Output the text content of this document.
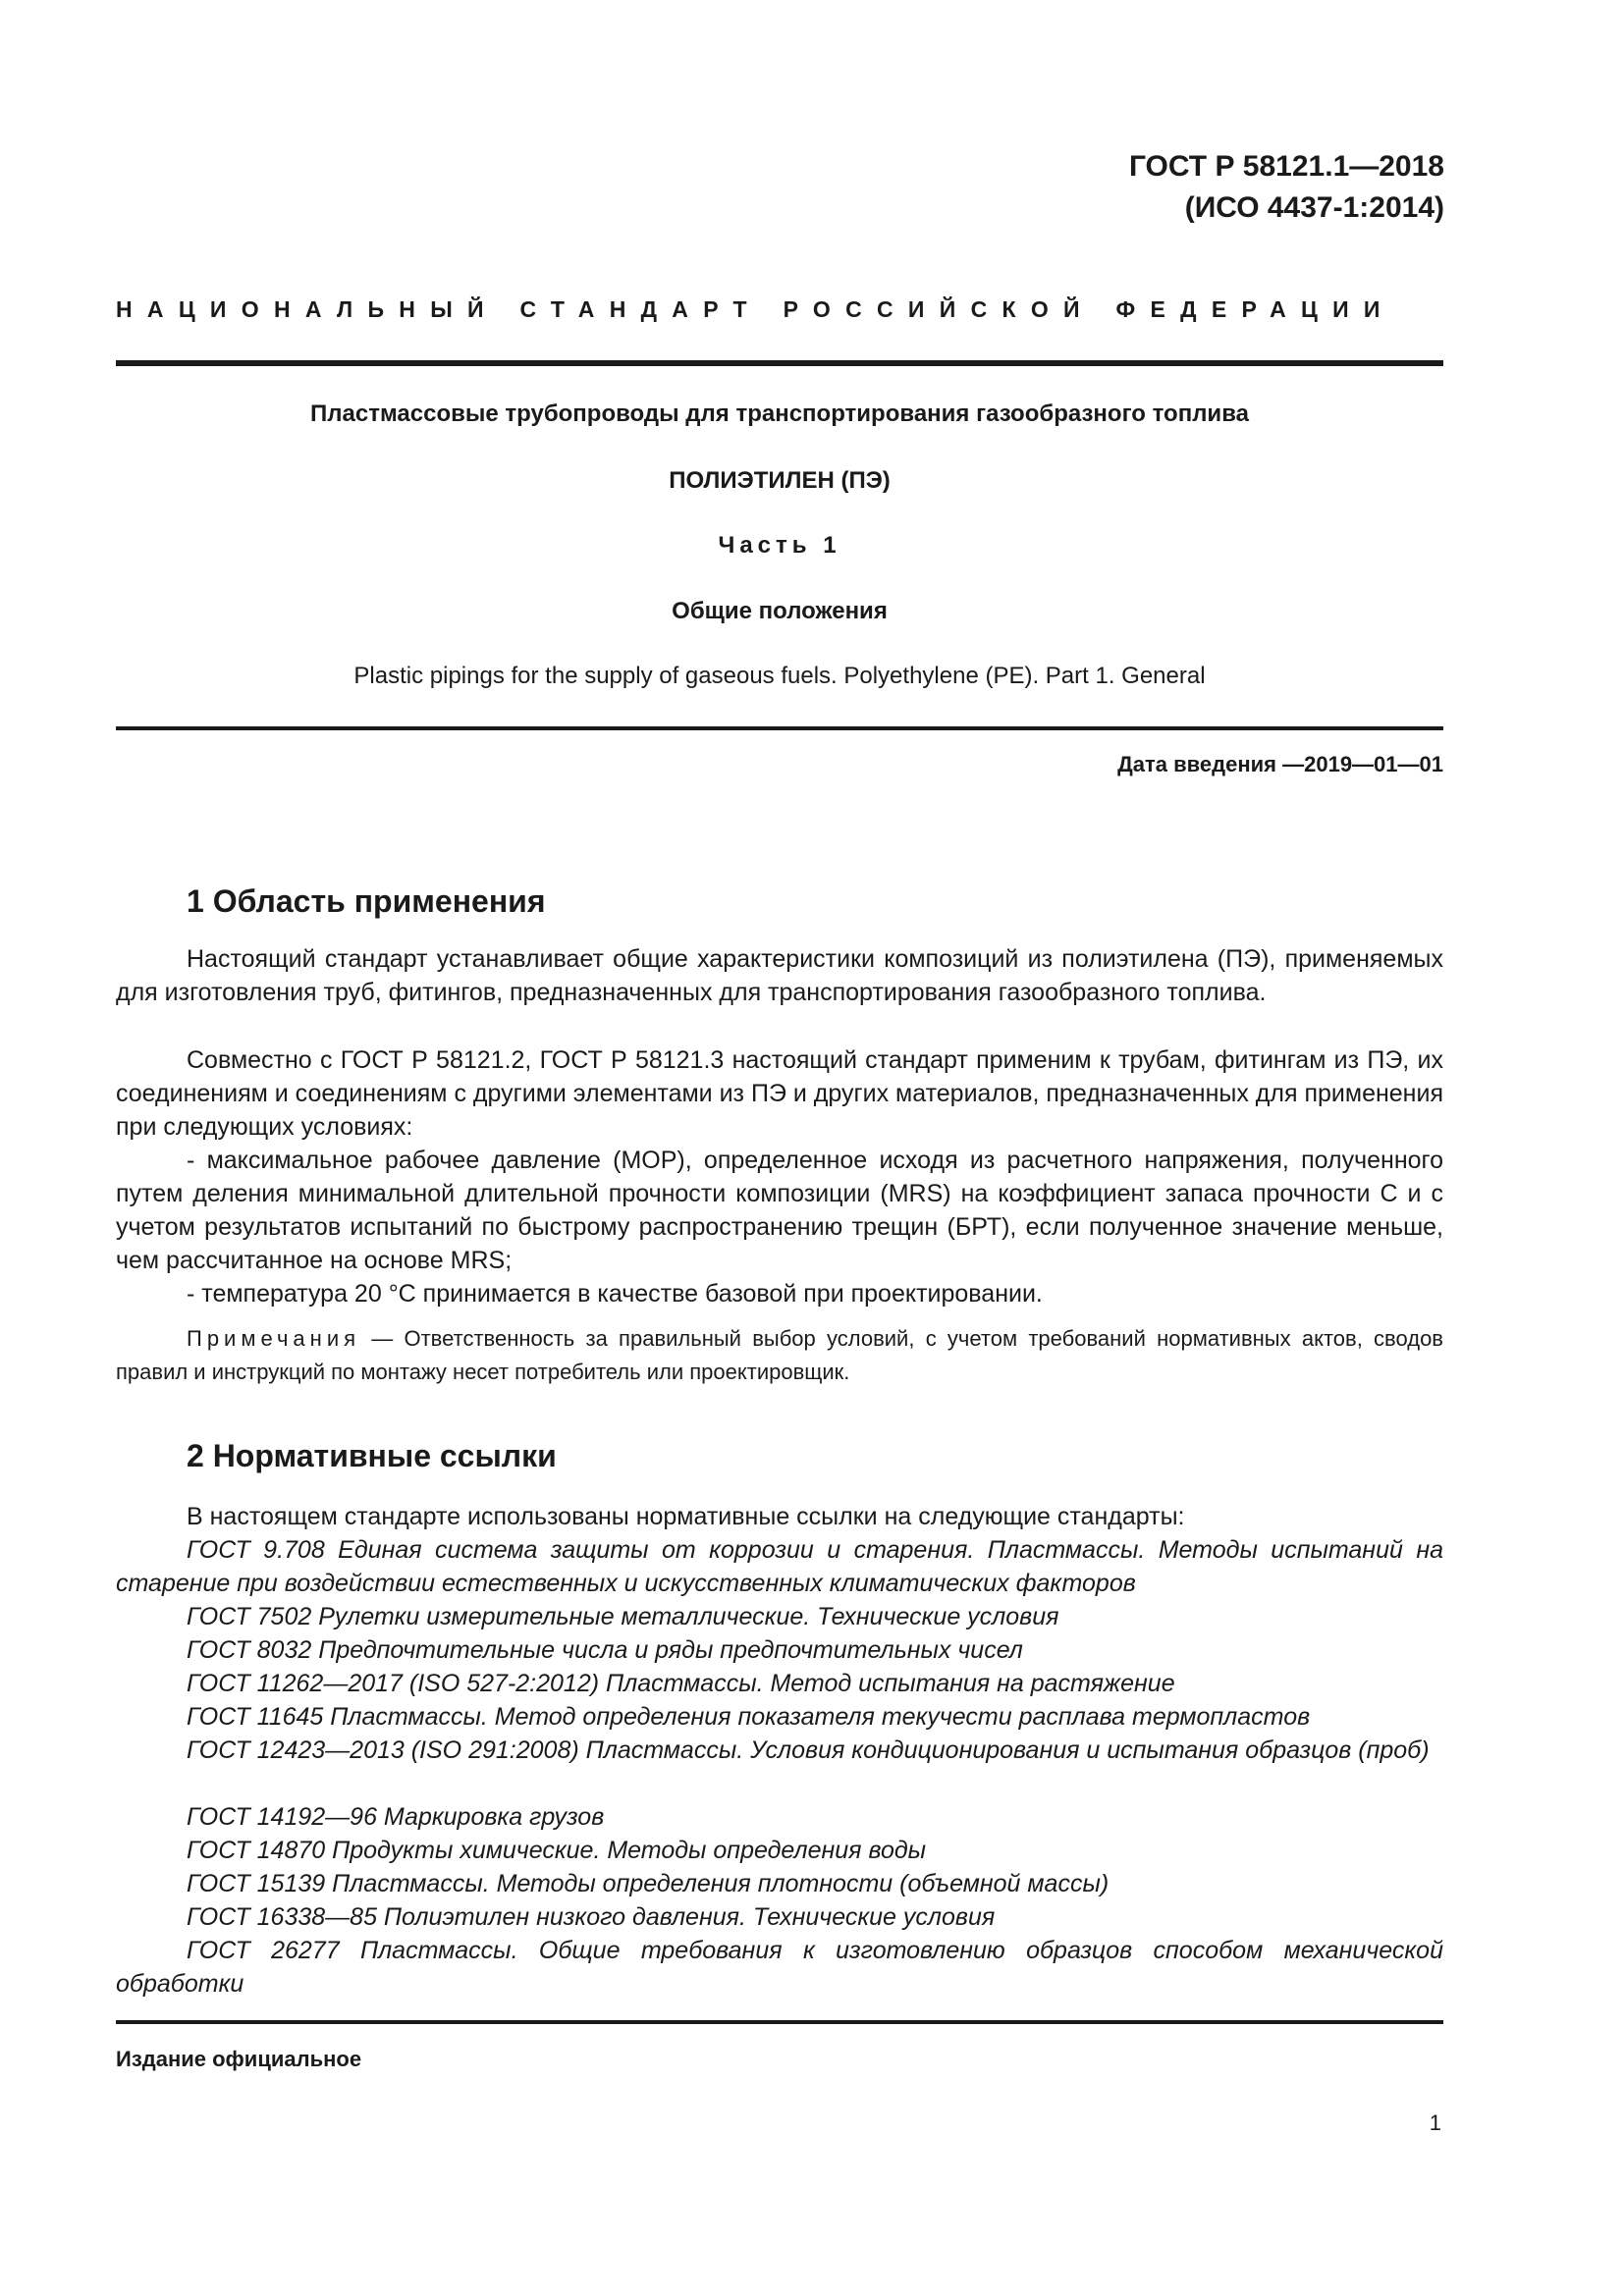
ГОСТ Р 58121.1—2018
(ИСО 4437-1:2014)
НАЦИОНАЛЬНЫЙ СТАНДАРТ РОССИЙСКОЙ ФЕДЕРАЦИИ
Пластмассовые трубопроводы для транспортирования газообразного топлива
ПОЛИЭТИЛЕН (ПЭ)
Часть 1
Общие положения
Plastic pipings for the supply of gaseous fuels. Polyethylene (PE). Part 1. General
Дата введения —2019—01—01
1 Область применения

Настоящий стандарт устанавливает общие характеристики композиций из полиэтилена (ПЭ), применяемых для изготовления труб, фитингов, предназначенных для транспортирования газообразного топлива.

Совместно с ГОСТ Р 58121.2, ГОСТ Р 58121.3 настоящий стандарт применим к трубам, фитингам из ПЭ, их соединениям и соединениям с другими элементами из ПЭ и других материалов, предназначенных для применения при следующих условиях:

- максимальное рабочее давление (МОР), определенное исходя из расчетного напряжения, полученного путем деления минимальной длительной прочности композиции (MRS) на коэффициент запаса прочности С и с учетом результатов испытаний по быстрому распространению трещин (БРТ), если полученное значение меньше, чем рассчитанное на основе MRS;

- температура 20 °С принимается в качестве базовой при проектировании.

Примечания — Ответственность за правильный выбор условий, с учетом требований нормативных актов, сводов правил и инструкций по монтажу несет потребитель или проектировщик.

2 Нормативные ссылки

В настоящем стандарте использованы нормативные ссылки на следующие стандарты:

ГОСТ 9.708 Единая система защиты от коррозии и старения. Пластмассы. Методы испытаний на старение при воздействии естественных и искусственных климатических факторов

ГОСТ 7502 Рулетки измерительные металлические. Технические условия

ГОСТ 8032 Предпочтительные числа и ряды предпочтительных чисел

ГОСТ 11262—2017 (ISO 527-2:2012) Пластмассы. Метод испытания на растяжение

ГОСТ 11645 Пластмассы. Метод определения показателя текучести расплава термопластов

ГОСТ 12423—2013 (ISO 291:2008) Пластмассы. Условия кондиционирования и испытания образцов (проб)

ГОСТ 14192—96 Маркировка грузов

ГОСТ 14870 Продукты химические. Методы определения воды

ГОСТ 15139 Пластмассы. Методы определения плотности (объемной массы)

ГОСТ 16338—85 Полиэтилен низкого давления. Технические условия

ГОСТ 26277 Пластмассы. Общие требования к изготовлению образцов способом механической обработки

Издание официальное
1
